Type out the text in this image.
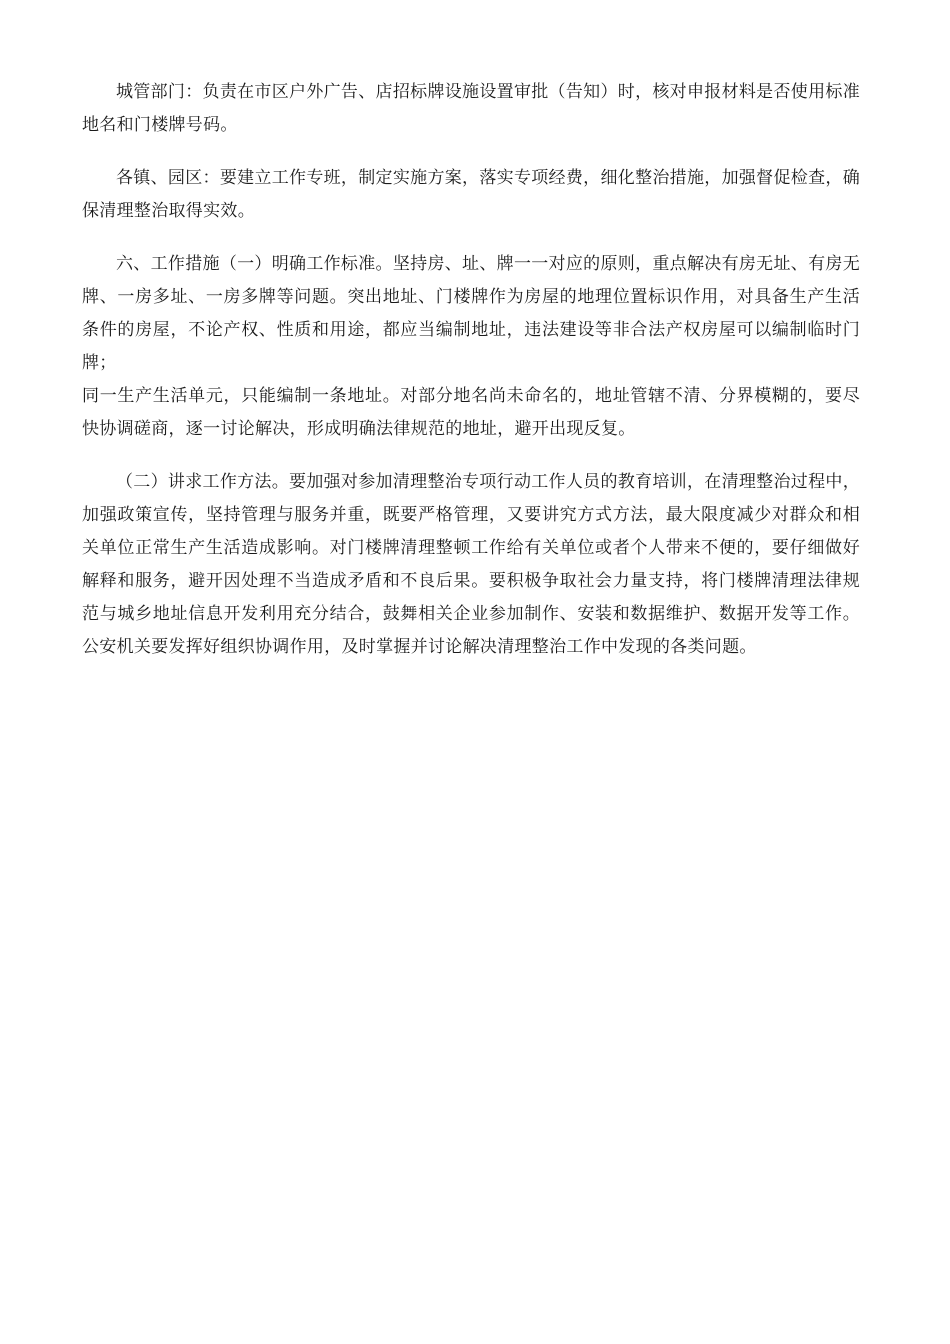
城管部门：负责在市区户外广告、店招标牌设施设置审批（告知）时，核对申报材料是否使用标准地名和门楼牌号码。

各镇、园区：要建立工作专班，制定实施方案，落实专项经费，细化整治措施，加强督促检查，确保清理整治取得实效。

六、工作措施（一）明确工作标准。坚持房、址、牌一一对应的原则，重点解决有房无址、有房无牌、一房多址、一房多牌等问题。突出地址、门楼牌作为房屋的地理位置标识作用，对具备生产生活条件的房屋，不论产权、性质和用途，都应当编制地址，违法建设等非合法产权房屋可以编制临时门牌；

同一生产生活单元，只能编制一条地址。对部分地名尚未命名的，地址管辖不清、分界模糊的，要尽快协调磋商，逐一讨论解决，形成明确法律规范的地址，避开出现反复。

（二）讲求工作方法。要加强对参加清理整治专项行动工作人员的教育培训，在清理整治过程中，加强政策宣传，坚持管理与服务并重，既要严格管理，又要讲究方式方法，最大限度减少对群众和相关单位正常生产生活造成影响。对门楼牌清理整顿工作给有关单位或者个人带来不便的，要仔细做好解释和服务，避开因处理不当造成矛盾和不良后果。要积极争取社会力量支持，将门楼牌清理法律规范与城乡地址信息开发利用充分结合，鼓舞相关企业参加制作、安装和数据维护、数据开发等工作。公安机关要发挥好组织协调作用，及时掌握并讨论解决清理整治工作中发现的各类问题。
